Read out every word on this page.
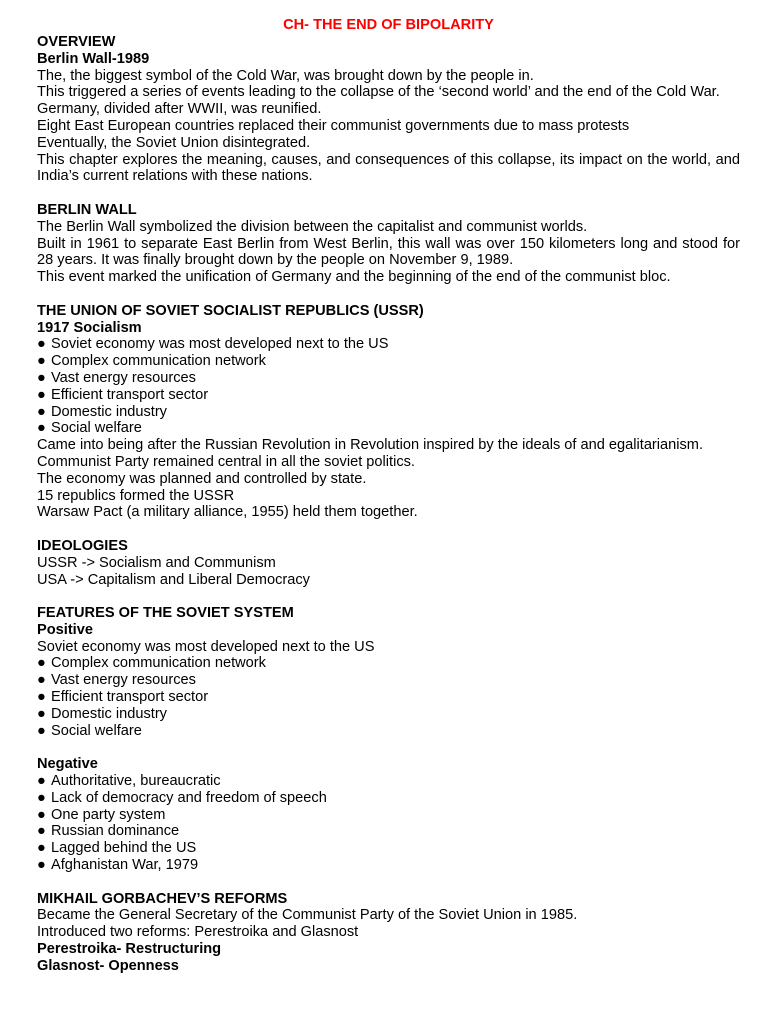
CH- THE END OF BIPOLARITY

OVERVIEW

Berlin Wall-1989

The, the biggest symbol of the Cold War, was brought down by the people in.

This triggered a series of events leading to the collapse of the ‘second world’ and the end of the Cold War.

Germany, divided after WWII, was reunified.

Eight East European countries replaced their communist governments due to mass protests

Eventually, the Soviet Union disintegrated.

This chapter explores the meaning, causes, and consequences of this collapse, its impact on the world, and India’s current relations with these nations.

BERLIN WALL

The Berlin Wall symbolized the division between the capitalist and communist worlds.

Built in 1961 to separate East Berlin from West Berlin, this wall was over 150 kilometers long and stood for 28 years. It was finally brought down by the people on November 9, 1989.

This event marked the unification of Germany and the beginning of the end of the communist bloc.

THE UNION OF SOVIET SOCIALIST REPUBLICS (USSR)

1917 Socialism

● Soviet economy was most developed next to the US
● Complex communication network
● Vast energy resources
● Efficient transport sector
● Domestic industry
● Social welfare

Came into being after the Russian Revolution in Revolution inspired by the ideals of and egalitarianism.

Communist Party remained central in all the soviet politics.

The economy was planned and controlled by state.

15 republics formed the USSR

Warsaw Pact (a military alliance, 1955) held them together.

IDEOLOGIES

USSR -> Socialism and Communism

USA -> Capitalism and Liberal Democracy

FEATURES OF THE SOVIET SYSTEM

Positive

Soviet economy was most developed next to the US

● Complex communication network
● Vast energy resources
● Efficient transport sector
● Domestic industry
● Social welfare

Negative

● Authoritative, bureaucratic
● Lack of democracy and freedom of speech
● One party system
● Russian dominance
● Lagged behind the US
● Afghanistan War, 1979

MIKHAIL GORBACHEV’S REFORMS

Became the General Secretary of the Communist Party of the Soviet Union in 1985.

Introduced two reforms: Perestroika and Glasnost

Perestroika- Restructuring

Glasnost- Openness
